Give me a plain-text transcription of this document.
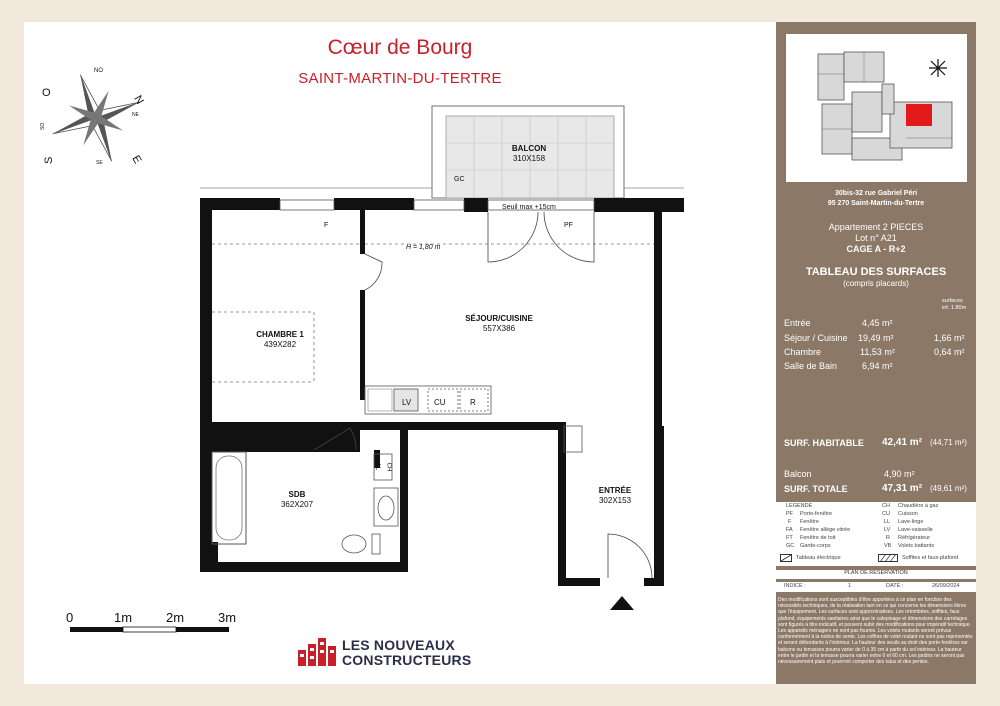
Cœur de Bourg
SAINT-MARTIN-DU-TERTRE
NO
N
O
E
SO
NE
S	SE
BALCON
310X158
GC
Seuil max +15cm
PF
F
H = 1,80 m
CHAMBRE 1
439X282
SÉJOUR/CUISINE
557X386
SDB
362X207
ENTRÉE
302X153
LV	CU	R
LL CH
0	1m	2m	3m
LES NOUVEAUX
CONSTRUCTEURS
30bis-32 rue Gabriel Péri
95 270 Saint-Martin-du-Tertre
Appartement 2 PIECES
Lot n° A21
CAGE A - R+2
TABLEAU DES SURFACES
(compris placards)
surfaces
inf. 1.80m
Entrée	4,45 m²
Séjour / Cuisine 19,49 m²	1,66 m²
Chambre	11,53 m²	0,64 m²
Salle de Bain	6,94 m²
SURF. HABITABLE 42,41 m² (44,71 m²)
Balcon	4,90 m²
SURF. TOTALE	47,31 m² (49,61 m²)
LEGENDE
PF Porte-fenêtre
F Fenêtre
FA Fenêtre allège vitrée
FT Fenêtre de toit
GC Garde-corps
CH Chaudière à gaz
CU Cuisson
LL Lave-linge
LV Lave-vaisselle
R Réfrigérateur
VB Volets battants
Tableau électrique	Soffites et faux-plafond
PLAN DE RESERVATION
INDICE :	1	DATE :	26/09/2024
Des modifications sont susceptibles d'être apportées à ce plan en fonction des nécessités techniques, de la réalisation tant en ce qui concerne les dimensions libres que l'équipement. Les surfaces sont approximatives. Les retombées, soffites, faux plafond, équipements sanitaires ainsi que le calepinage et dimensions des carrelages sont figurés à titre indicatif, et peuvent subir des modifications pour impératif technique. Les appareils ménagers ne sont pas fournis. Les volets roulants seront prévus conformément à la notice de vente. Les coffres de volet roulant ne sont pas représentés et seront débordants à l'intérieur. La hauteur des seuils au droit des porte-fenêtres sur balcons ou terrasses pourra varier de 0 à 35 cm à partir du sol intérieur. La hauteur entre le jardin et la terrasse pourra varier entre 0 et 60 cm. Les jardins ne seront pas nécessairement plats et pourront comporter des talus et des pentes.
